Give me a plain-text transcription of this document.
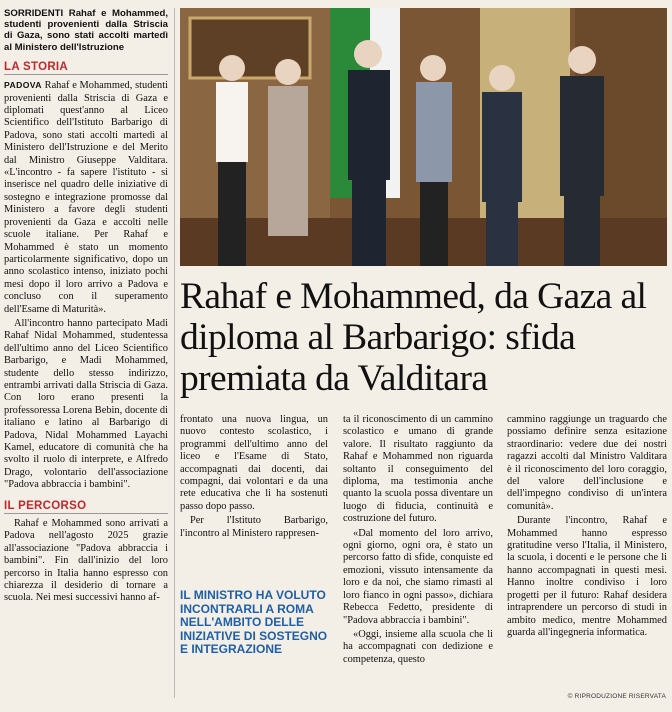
SORRIDENTI Rahaf e Mohammed, studenti provenienti dalla Striscia di Gaza, sono stati accolti martedì al Ministero dell'Istruzione

LA STORIA

PADOVA Rahaf e Mohammed, studenti provenienti dalla Striscia di Gaza e diplomati quest'anno al Liceo Scientifico dell'Istituto Barbarigo di Padova, sono stati accolti martedì al Ministero dell'Istruzione e del Merito dal Ministro Giuseppe Valditara. «L'incontro - fa sapere l'istituto - si inserisce nel quadro delle iniziative di sostegno e integrazione promosse dal Ministero a favore degli studenti provenienti da Gaza e accolti nelle scuole italiane. Per Rahaf e Mohammed è stato un momento particolarmente significativo, dopo un anno scolastico intenso, iniziato pochi mesi dopo il loro arrivo a Padova e concluso con il superamento dell'Esame di Maturità».

All'incontro hanno partecipato Madi Rahaf Nidal Mohammed, studentessa dell'ultimo anno del Liceo Scientifico Barbarigo, e Madi Mohammed, studente dello stesso indirizzo, entrambi arrivati dalla Striscia di Gaza. Con loro erano presenti la professoressa Lorena Bebin, docente di italiano e latino al Barbarigo di Padova, Nidal Mohammed Layachi Kamel, educatore di comunità che ha svolto il ruolo di interprete, e Alfredo Drago, volontario dell'associazione "Padova abbraccia i bambini".

IL PERCORSO

Rahaf e Mohammed sono arrivati a Padova nell'agosto 2025 grazie all'associazione "Padova abbraccia i bambini". Fin dall'inizio del loro percorso in Italia hanno espresso con chiarezza il desiderio di tornare a scuola. Nei mesi successivi hanno af-

Rahaf e Mohammed, da Gaza al diploma al Barbarigo: sfida premiata da Valditara

frontato una nuova lingua, un nuovo contesto scolastico, i programmi dell'ultimo anno del liceo e l'Esame di Stato, accompagnati dai docenti, dai compagni, dai volontari e da una rete educativa che li ha sostenuti passo dopo passo.

Per l'Istituto Barbarigo, l'incontro al Ministero rappresen-

IL MINISTRO HA VOLUTO INCONTRARLI A ROMA NELL'AMBITO DELLE INIZIATIVE DI SOSTEGNO E INTEGRAZIONE

ta il riconoscimento di un cammino scolastico e umano di grande valore. Il risultato raggiunto da Rahaf e Mohammed non riguarda soltanto il conseguimento del diploma, ma testimonia anche quanto la scuola possa diventare un luogo di fiducia, continuità e costruzione del futuro.

«Dal momento del loro arrivo, ogni giorno, ogni ora, è stato un percorso fatto di sfide, conquiste ed emozioni, vissuto intensamente da loro e da noi, che siamo rimasti al loro fianco in ogni passo», dichiara Rebecca Fedetto, presidente di "Padova abbraccia i bambini".

«Oggi, insieme alla scuola che li ha accompagnati con dedizione e competenza, questo

cammino raggiunge un traguardo che possiamo definire senza esitazione straordinario: vedere due dei nostri ragazzi accolti dal Ministro Valditara è il riconoscimento del loro coraggio, del valore dell'inclusione e dell'impegno condiviso di un'intera comunità».

Durante l'incontro, Rahaf e Mohammed hanno espresso gratitudine verso l'Italia, il Ministero, la scuola, i docenti e le persone che li hanno accompagnati in questi mesi. Hanno inoltre condiviso i loro progetti per il futuro: Rahaf desidera intraprendere un percorso di studi in ambito medico, mentre Mohammed guarda all'ingegneria informatica.

© RIPRODUZIONE RISERVATA
